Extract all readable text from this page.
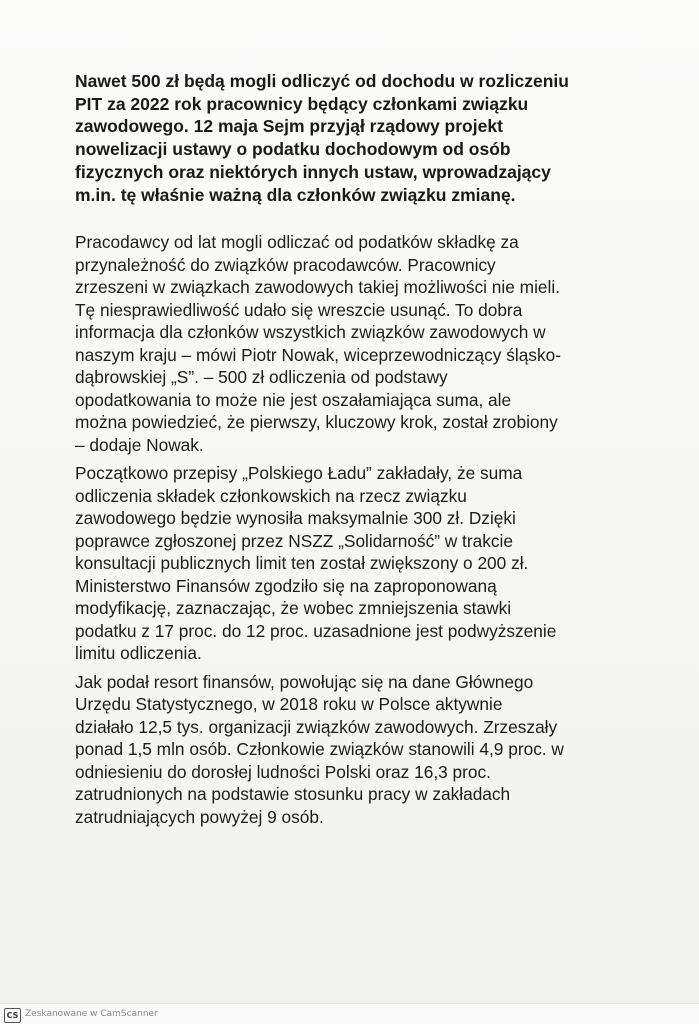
Nawet 500 zł będą mogli odliczyć od dochodu w rozliczeniu
PIT za 2022 rok pracownicy będący członkami związku
zawodowego. 12 maja Sejm przyjął rządowy projekt
nowelizacji ustawy o podatku dochodowym od osób
fizycznych oraz niektórych innych ustaw, wprowadzający
m.in. tę właśnie ważną dla członków związku zmianę.

Pracodawcy od lat mogli odliczać od podatków składkę za
przynależność do związków pracodawców. Pracownicy
zrzeszeni w związkach zawodowych takiej możliwości nie mieli.
Tę niesprawiedliwość udało się wreszcie usunąć. To dobra
informacja dla członków wszystkich związków zawodowych w
naszym kraju – mówi Piotr Nowak, wiceprzewodniczący śląsko-
dąbrowskiej „S”. – 500 zł odliczenia od podstawy
opodatkowania to może nie jest oszałamiająca suma, ale
można powiedzieć, że pierwszy, kluczowy krok, został zrobiony
– dodaje Nowak.

Początkowo przepisy „Polskiego Ładu” zakładały, że suma
odliczenia składek członkowskich na rzecz związku
zawodowego będzie wynosiła maksymalnie 300 zł. Dzięki
poprawce zgłoszonej przez NSZZ „Solidarność” w trakcie
konsultacji publicznych limit ten został zwiększony o 200 zł.
Ministerstwo Finansów zgodziło się na zaproponowaną
modyfikację, zaznaczając, że wobec zmniejszenia stawki
podatku z 17 proc. do 12 proc. uzasadnione jest podwyższenie
limitu odliczenia.

Jak podał resort finansów, powołując się na dane Głównego
Urzędu Statystycznego, w 2018 roku w Polsce aktywnie
działało 12,5 tys. organizacji związków zawodowych. Zrzeszały
ponad 1,5 mln osób. Członkowie związków stanowili 4,9 proc. w
odniesieniu do dorosłej ludności Polski oraz 16,3 proc.
zatrudnionych na podstawie stosunku pracy w zakładach
zatrudniających powyżej 9 osób.

CS Zeskanowane w CamScanner
